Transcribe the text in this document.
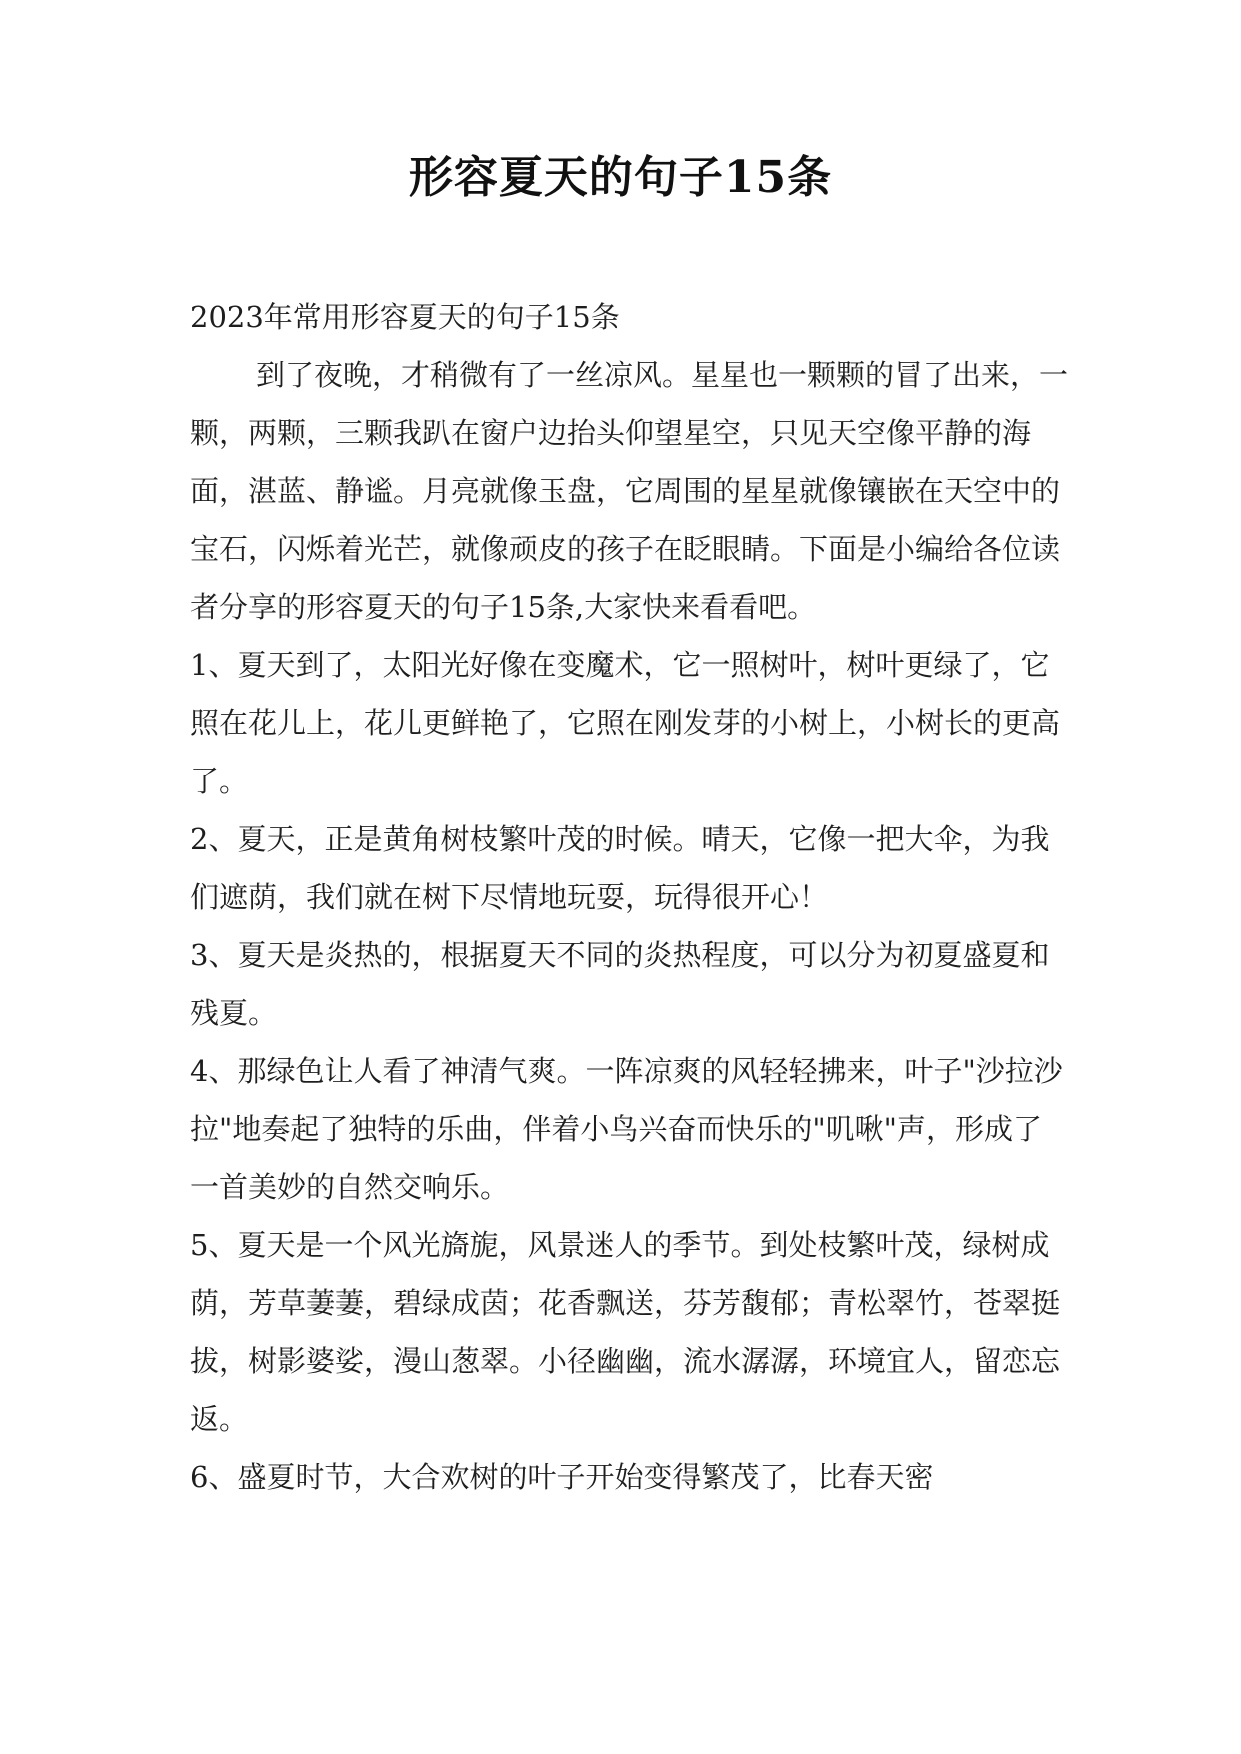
形容夏天的句子15条

2023年常用形容夏天的句子15条

到了夜晚，才稍微有了一丝凉风。星星也一颗颗的冒了出来，一颗，两颗，三颗我趴在窗户边抬头仰望星空，只见天空像平静的海面，湛蓝、静谧。月亮就像玉盘，它周围的星星就像镶嵌在天空中的宝石，闪烁着光芒，就像顽皮的孩子在眨眼睛。下面是小编给各位读者分享的形容夏天的句子15条,大家快来看看吧。

1、夏天到了，太阳光好像在变魔术，它一照树叶，树叶更绿了，它照在花儿上，花儿更鲜艳了，它照在刚发芽的小树上，小树长的更高了。

2、夏天，正是黄角树枝繁叶茂的时候。晴天，它像一把大伞，为我们遮荫，我们就在树下尽情地玩耍，玩得很开心！

3、夏天是炎热的，根据夏天不同的炎热程度，可以分为初夏盛夏和残夏。

4、那绿色让人看了神清气爽。一阵凉爽的风轻轻拂来，叶子"沙拉沙拉"地奏起了独特的乐曲，伴着小鸟兴奋而快乐的"叽啾"声，形成了一首美妙的自然交响乐。

5、夏天是一个风光旖旎，风景迷人的季节。到处枝繁叶茂，绿树成荫，芳草萋萋，碧绿成茵；花香飘送，芬芳馥郁；青松翠竹，苍翠挺拔，树影婆娑，漫山葱翠。小径幽幽，流水潺潺，环境宜人，留恋忘返。

6、盛夏时节，大合欢树的叶子开始变得繁茂了，比春天密
